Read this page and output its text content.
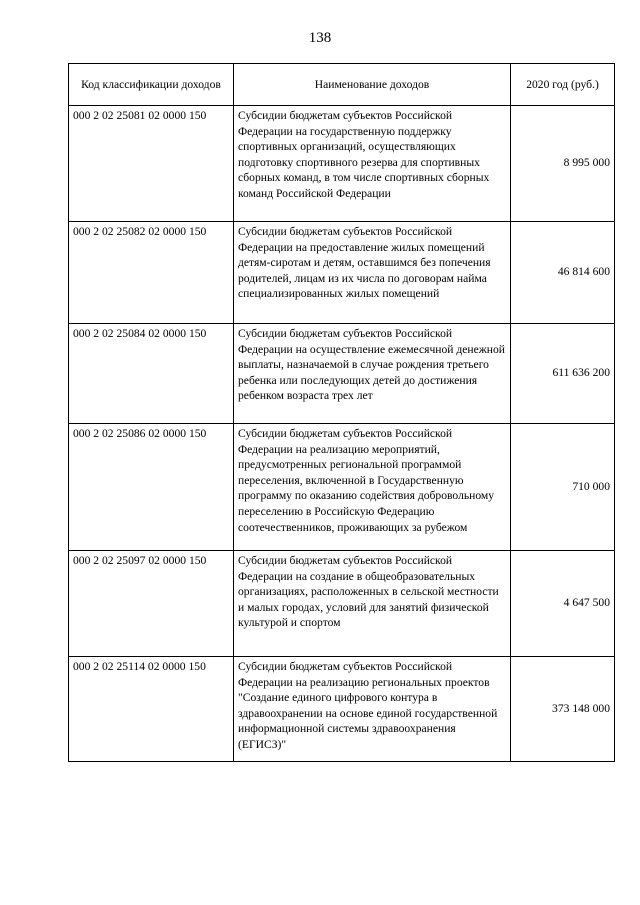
138
Код классификации доходов	Наименование доходов	2020 год (руб.)
000 2 02 25081 02 0000 150	Субсидии бюджетам субъектов Российской Федерации на государственную поддержку спортивных организаций, осуществляющих подготовку спортивного резерва для спортивных сборных команд, в том числе спортивных сборных команд Российской Федерации	8 995 000
000 2 02 25082 02 0000 150	Субсидии бюджетам субъектов Российской Федерации на предоставление жилых помещений детям-сиротам и детям, оставшимся без попечения родителей, лицам из их числа по договорам найма специализированных жилых помещений	46 814 600
000 2 02 25084 02 0000 150	Субсидии бюджетам субъектов Российской Федерации на осуществление ежемесячной денежной выплаты, назначаемой в случае рождения третьего ребенка или последующих детей до достижения ребенком возраста трех лет	611 636 200
000 2 02 25086 02 0000 150	Субсидии бюджетам субъектов Российской Федерации на реализацию мероприятий, предусмотренных региональной программой переселения, включенной в Государственную программу по оказанию содействия добровольному переселению в Российскую Федерацию соотечественников, проживающих за рубежом	710 000
000 2 02 25097 02 0000 150	Субсидии бюджетам субъектов Российской Федерации на создание в общеобразовательных организациях, расположенных в сельской местности и малых городах, условий для занятий физической культурой и спортом	4 647 500
000 2 02 25114 02 0000 150	Субсидии бюджетам субъектов Российской Федерации на реализацию региональных проектов "Создание единого цифрового контура в здравоохранении на основе единой государственной информационной системы здравоохранения (ЕГИСЗ)"	373 148 000
